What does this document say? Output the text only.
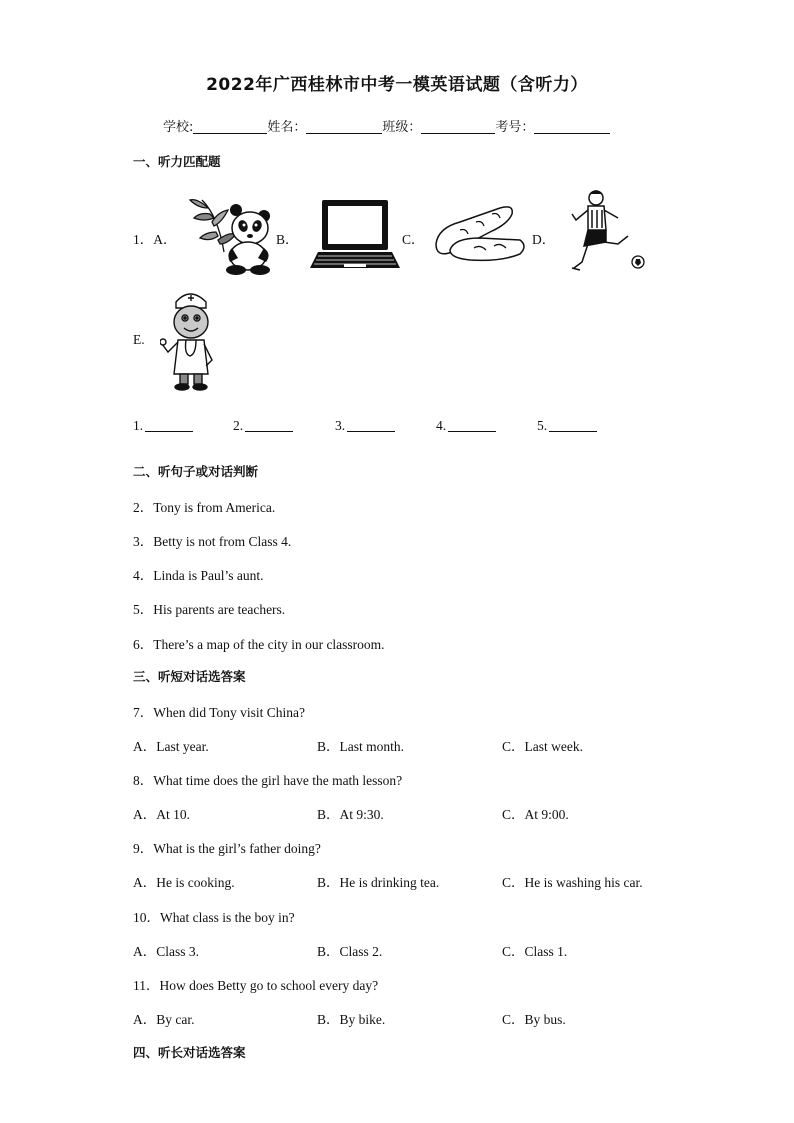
2022年广西桂林市中考一模英语试题（含听力）
学校:	姓名：	班级：	考号：
一、听力匹配题
1．A．	B．	C．	D．
E.
1.	2.	3.	4.	5.
二、听句子或对话判断
2．Tony is from America.
3．Betty is not from Class 4.
4．Linda is Paul’s aunt.
5．His parents are teachers.
6．There’s a map of the city in our classroom.
三、听短对话选答案
7．When did Tony visit China?
A．Last year.	B．Last month.	C．Last week.
8．What time does the girl have the math lesson?
A．At 10.	B．At 9:30.	C．At 9:00.
9．What is the girl’s father doing?
A．He is cooking.	B．He is drinking tea.	C．He is washing his car.
10．What class is the boy in?
A．Class 3.	B．Class 2.	C．Class 1.
11．How does Betty go to school every day?
A．By car.	B．By bike.	C．By bus.
四、听长对话选答案
